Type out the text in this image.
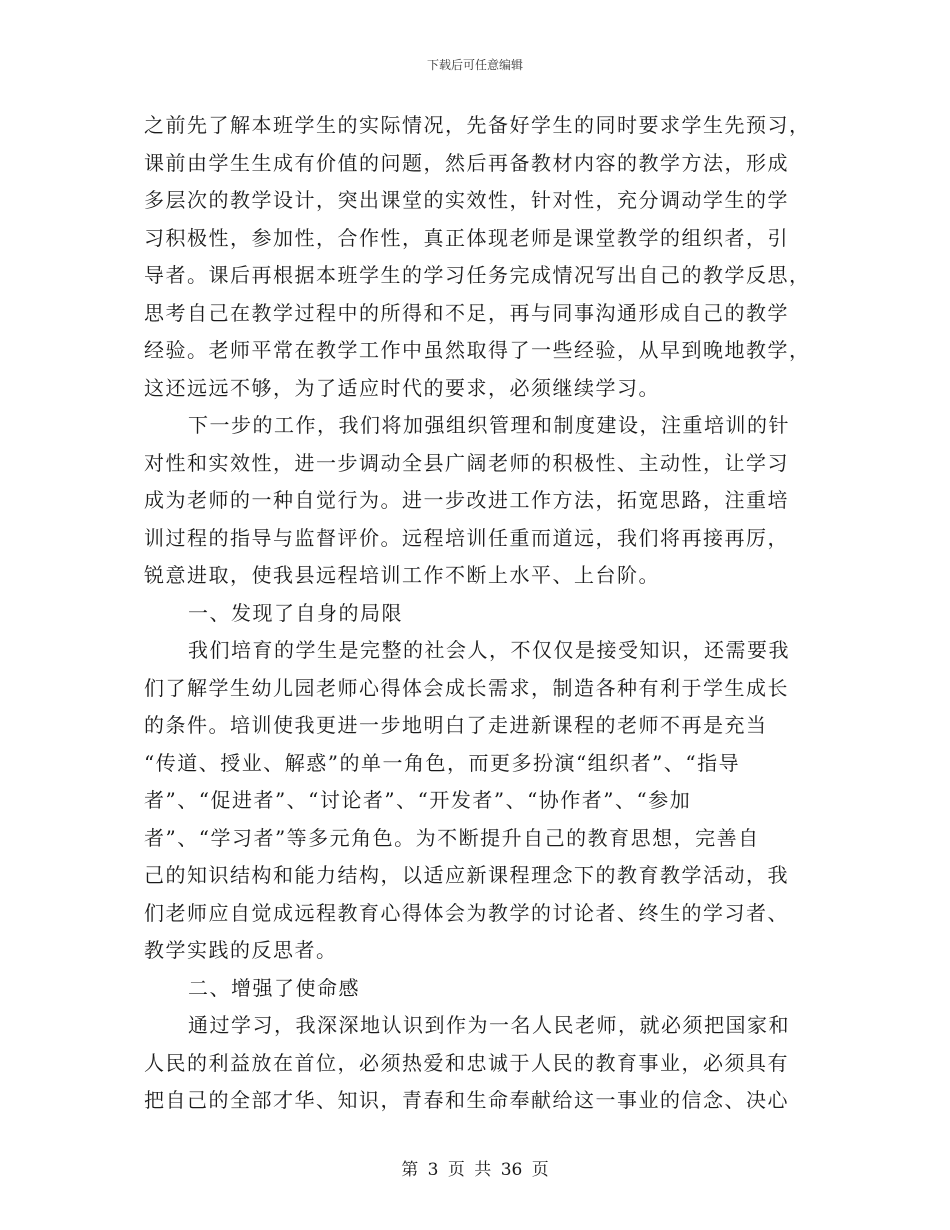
下载后可任意编辑
之前先了解本班学生的实际情况，先备好学生的同时要求学生先预习，
课前由学生生成有价值的问题，然后再备教材内容的教学方法，形成
多层次的教学设计，突出课堂的实效性，针对性，充分调动学生的学
习积极性，参加性，合作性，真正体现老师是课堂教学的组织者，引
导者。课后再根据本班学生的学习任务完成情况写出自己的教学反思，
思考自己在教学过程中的所得和不足，再与同事沟通形成自己的教学
经验。老师平常在教学工作中虽然取得了一些经验，从早到晚地教学，
这还远远不够，为了适应时代的要求，必须继续学习。
下一步的工作，我们将加强组织管理和制度建设，注重培训的针
对性和实效性，进一步调动全县广阔老师的积极性、主动性，让学习
成为老师的一种自觉行为。进一步改进工作方法，拓宽思路，注重培
训过程的指导与监督评价。远程培训任重而道远，我们将再接再厉，
锐意进取，使我县远程培训工作不断上水平、上台阶。
一、发现了自身的局限
我们培育的学生是完整的社会人，不仅仅是接受知识，还需要我
们了解学生幼儿园老师心得体会成长需求，制造各种有利于学生成长
的条件。培训使我更进一步地明白了走进新课程的老师不再是充当
“传道、授业、解惑”的单一角色，而更多扮演“组织者”、“指导
者”、“促进者”、“讨论者”、“开发者”、“协作者”、“参加
者”、“学习者”等多元角色。为不断提升自己的教育思想，完善自
己的知识结构和能力结构，以适应新课程理念下的教育教学活动，我
们老师应自觉成远程教育心得体会为教学的讨论者、终生的学习者、
教学实践的反思者。
二、增强了使命感
通过学习，我深深地认识到作为一名人民老师，就必须把国家和
人民的利益放在首位，必须热爱和忠诚于人民的教育事业，必须具有
把自己的全部才华、知识，青春和生命奉献给这一事业的信念、决心
第 3 页 共 36 页
